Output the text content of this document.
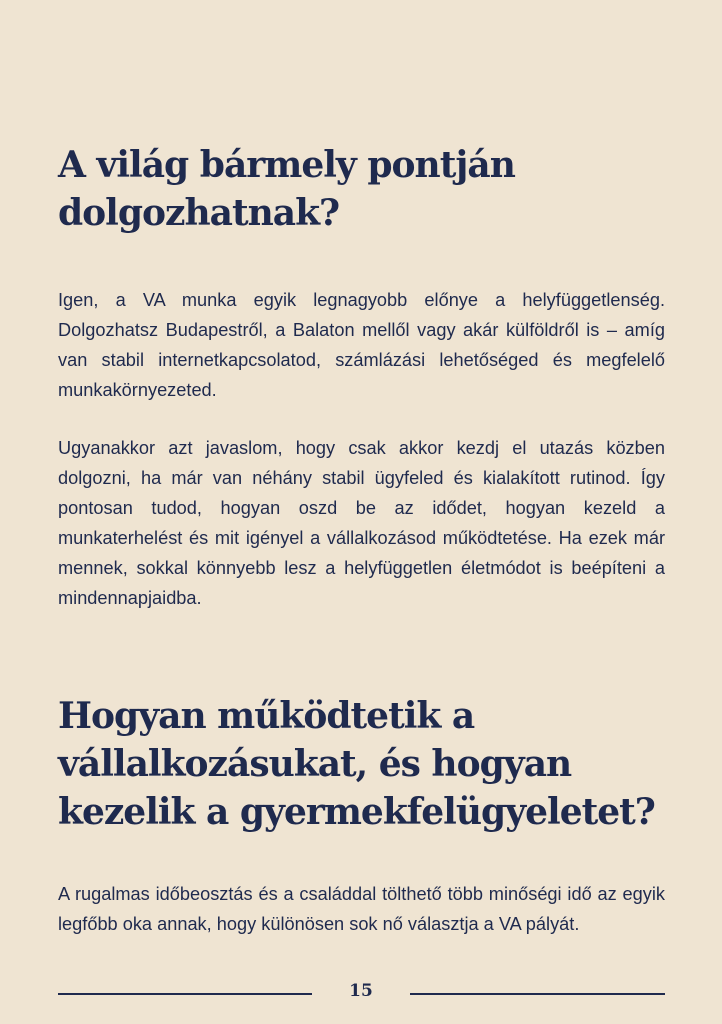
A világ bármely pontján dolgozhatnak?

Igen, a VA munka egyik legnagyobb előnye a helyfüggetlenség. Dolgozhatsz Budapestről, a Balaton mellől vagy akár külföldről is – amíg van stabil internetkapcsolatod, számlázási lehetőséged és megfelelő munkakörnyezeted.

Ugyanakkor azt javaslom, hogy csak akkor kezdj el utazás közben dolgozni, ha már van néhány stabil ügyfeled és kialakított rutinod. Így pontosan tudod, hogyan oszd be az idődet, hogyan kezeld a munkaterhelést és mit igényel a vállalkozásod működtetése. Ha ezek már mennek, sokkal könnyebb lesz a helyfüggetlen életmódot is beépíteni a mindennapjaidba.

Hogyan működtetik a vállalkozásukat, és hogyan kezelik a gyermekfelügyeletet?

A rugalmas időbeosztás és a családdal tölthető több minőségi idő az egyik legfőbb oka annak, hogy különösen sok nő választja a VA pályát.

15
